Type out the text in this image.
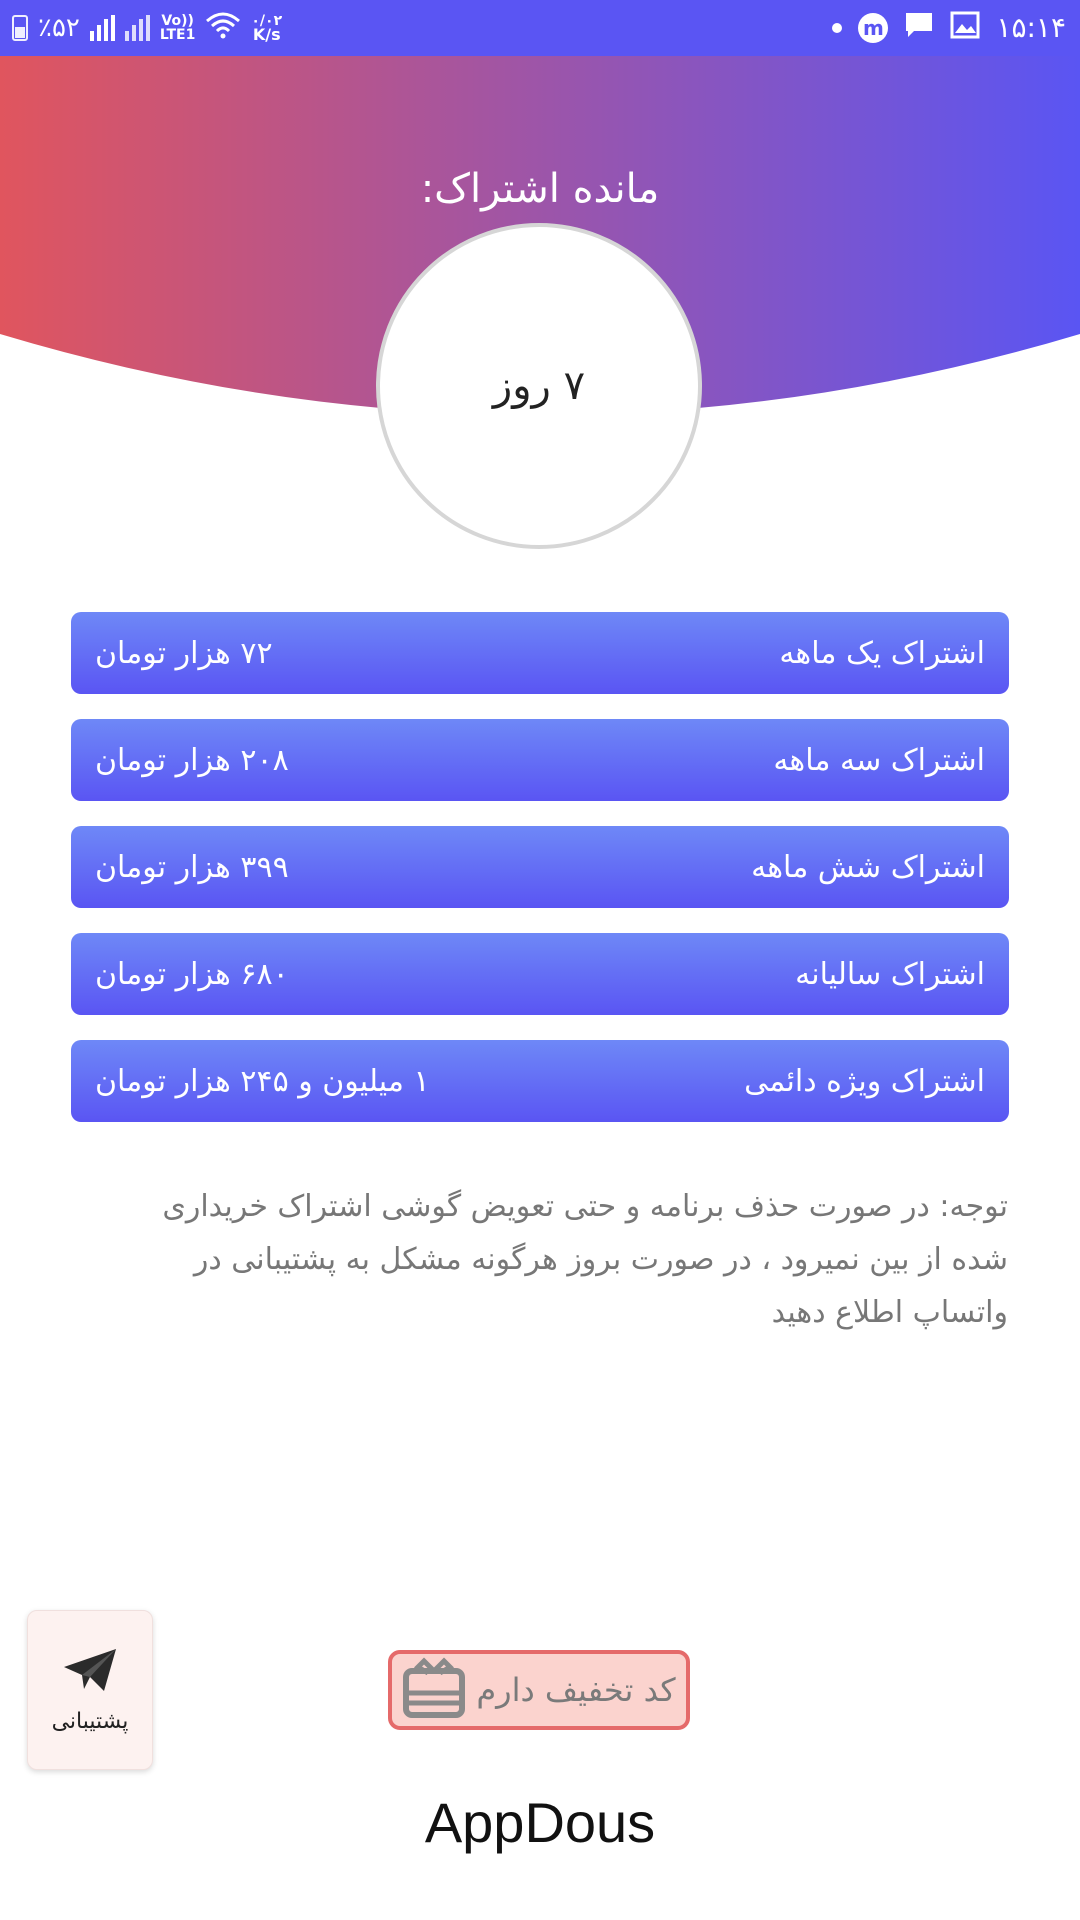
٪۵۲	Vo))
LTE1
۰/۰۲
K/s	m	۱۵:۱۴
مانده اشتراک:
۷ روز
اشتراک یک ماهه
۷۲ هزار تومان
اشتراک سه ماهه
۲۰۸ هزار تومان
اشتراک شش ماهه
۳۹۹ هزار تومان
اشتراک سالیانه
۶۸۰ هزار تومان
اشتراک ویژه دائمی
۱ میلیون و ۲۴۵ هزار تومان
توجه: در صورت حذف برنامه و حتی تعویض گوشی اشتراک خریداری
شده از بین نمیرود ، در صورت بروز هرگونه مشکل به پشتیبانی در
واتساپ اطلاع دهید
پشتیبانی
کد تخفیف دارم
AppDous
